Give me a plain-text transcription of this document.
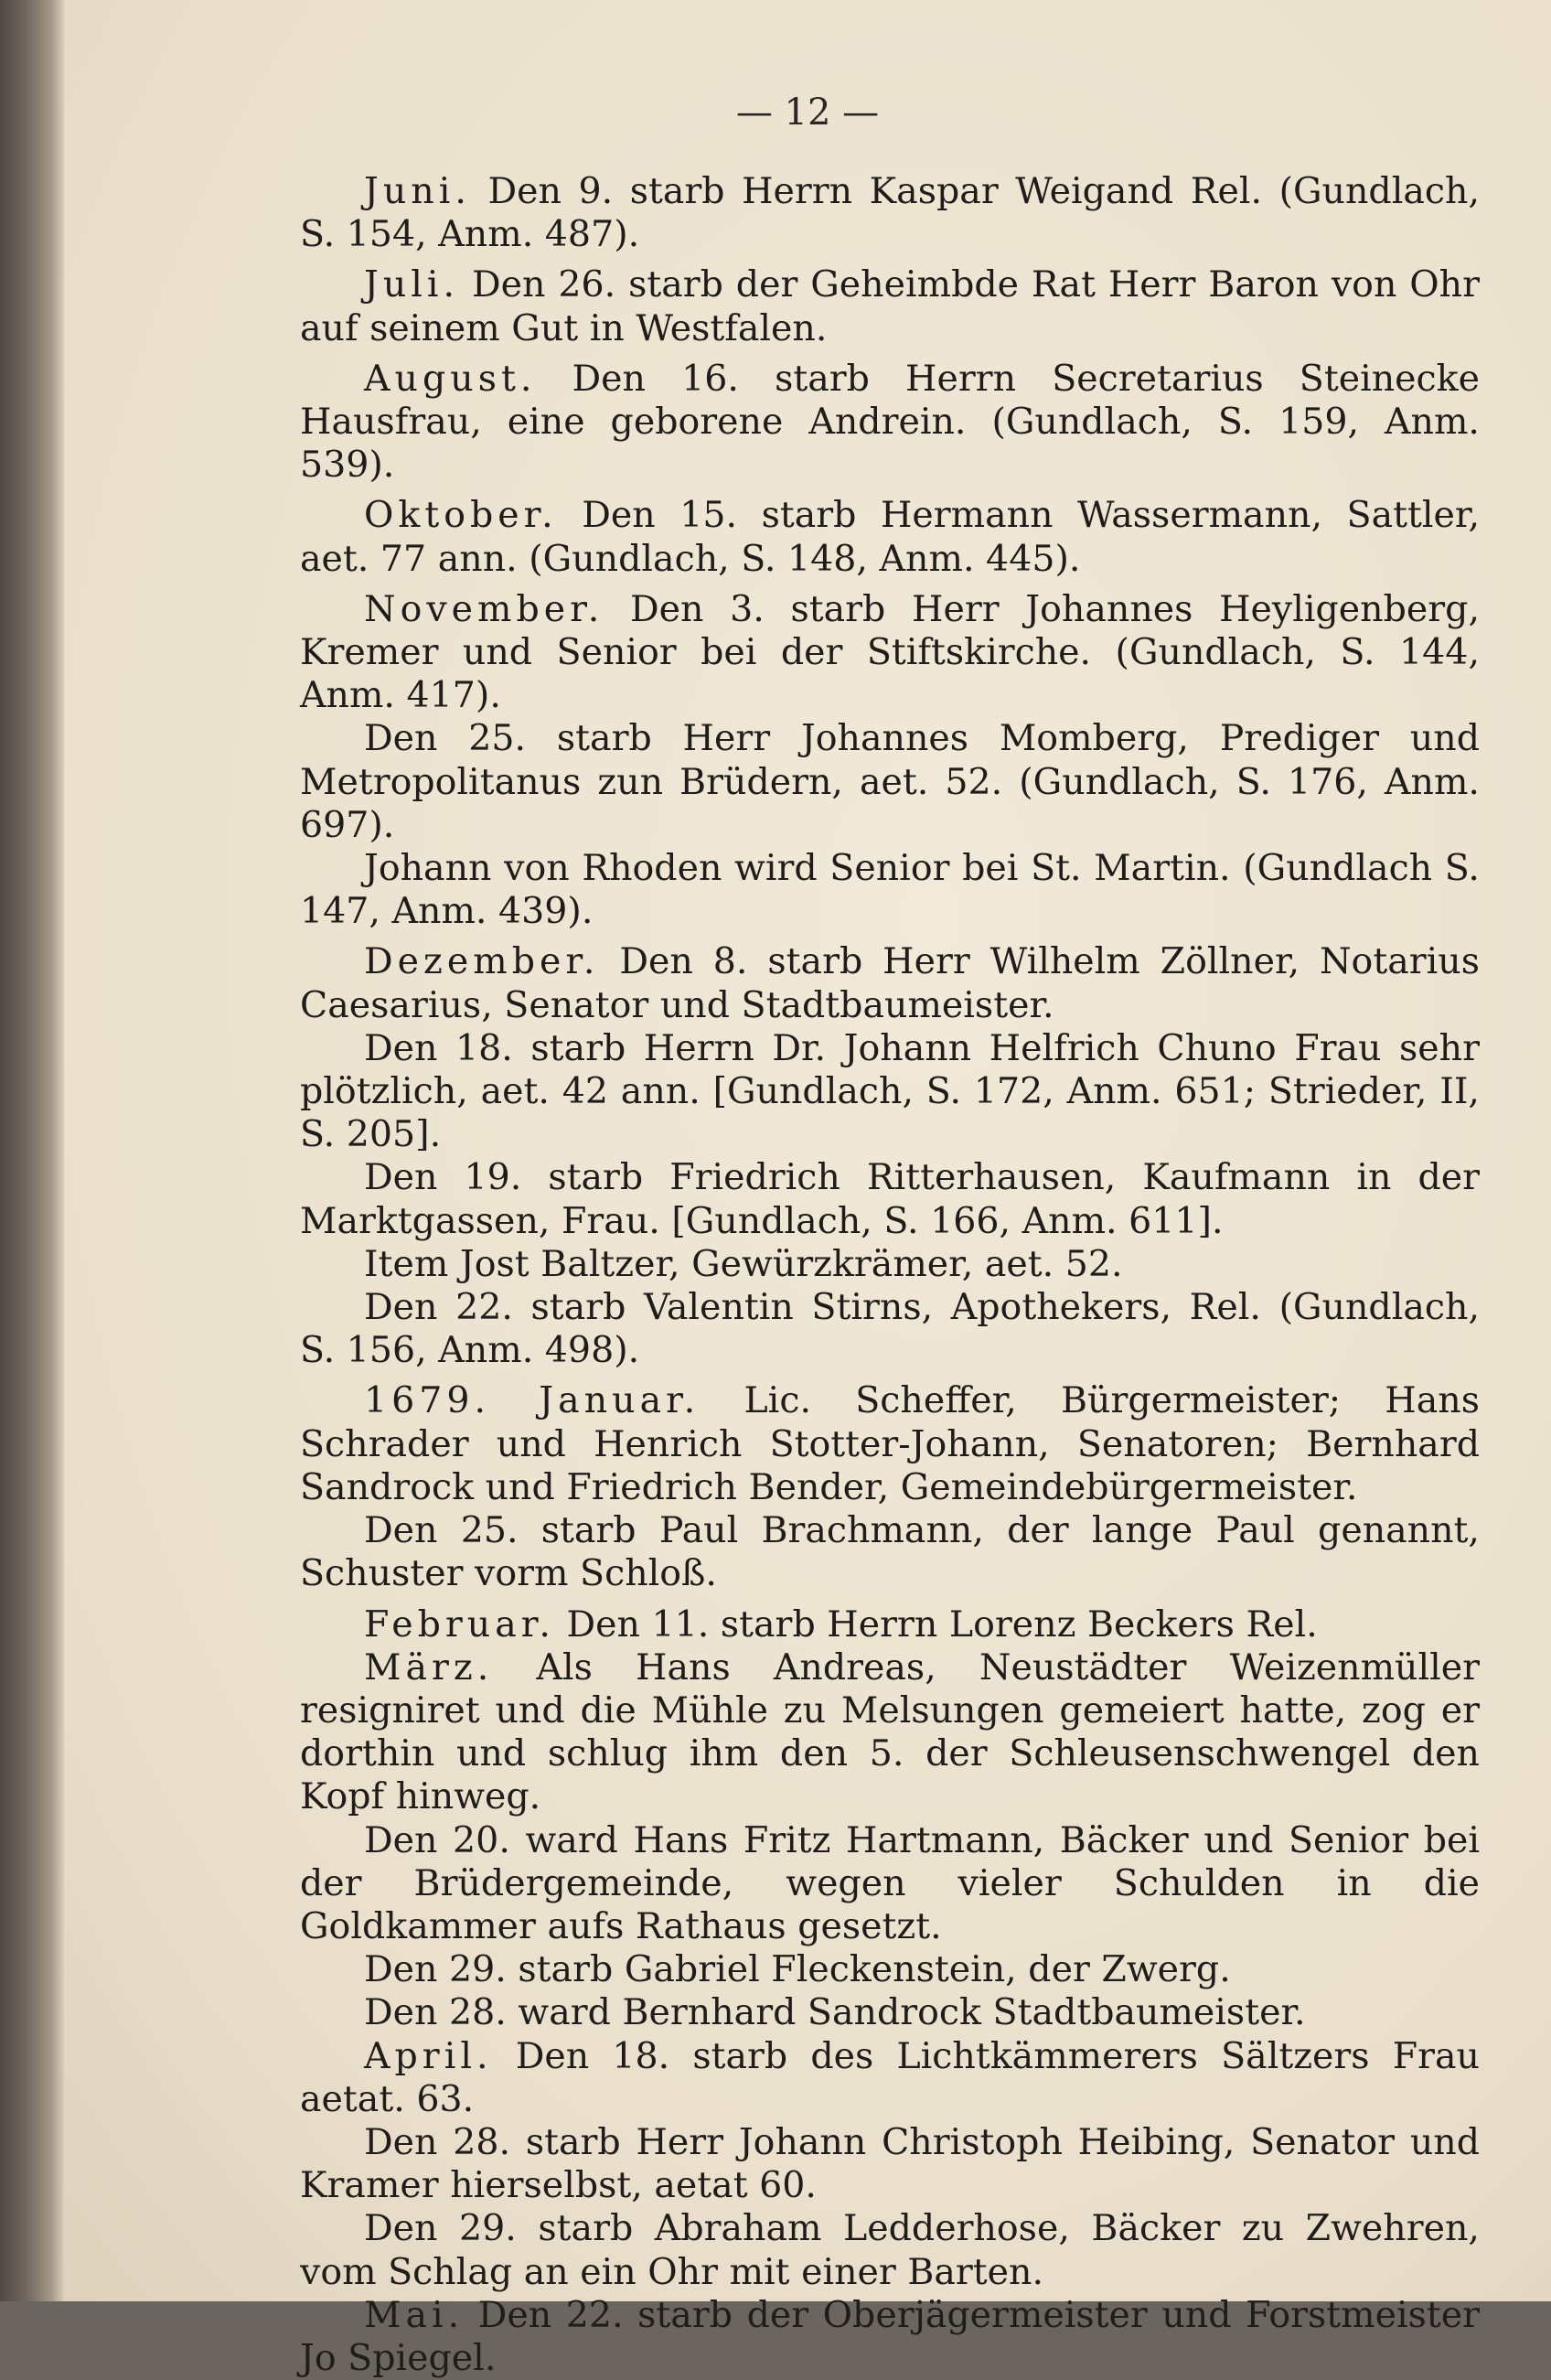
— 12 —

Juni. Den 9. starb Herrn Kaspar Weigand Rel. (Gundlach, S. 154, Anm. 487).

Juli. Den 26. starb der Geheimbde Rat Herr Baron von Ohr auf seinem Gut in Westfalen.

August. Den 16. starb Herrn Secretarius Steinecke Hausfrau, eine geborene Andrein. (Gundlach, S. 159, Anm. 539).

Oktober. Den 15. starb Hermann Wassermann, Sattler, aet. 77 ann. (Gundlach, S. 148, Anm. 445).

November. Den 3. starb Herr Johannes Heyligenberg, Kremer und Senior bei der Stiftskirche. (Gundlach, S. 144, Anm. 417).

Den 25. starb Herr Johannes Momberg, Prediger und Metropolitanus zun Brüdern, aet. 52. (Gundlach, S. 176, Anm. 697).

Johann von Rhoden wird Senior bei St. Martin. (Gundlach S. 147, Anm. 439).

Dezember. Den 8. starb Herr Wilhelm Zöllner, Notarius Caesarius, Senator und Stadtbaumeister.

Den 18. starb Herrn Dr. Johann Helfrich Chuno Frau sehr plötzlich, aet. 42 ann. [Gundlach, S. 172, Anm. 651; Strieder, II, S. 205].

Den 19. starb Friedrich Ritterhausen, Kaufmann in der Marktgassen, Frau. [Gundlach, S. 166, Anm. 611].

Item Jost Baltzer, Gewürzkrämer, aet. 52.

Den 22. starb Valentin Stirns, Apothekers, Rel. (Gundlach, S. 156, Anm. 498).

1679. Januar. Lic. Scheffer, Bürgermeister; Hans Schrader und Henrich Stotter-Johann, Senatoren; Bernhard Sandrock und Friedrich Bender, Gemeindebürgermeister.

Den 25. starb Paul Brachmann, der lange Paul genannt, Schuster vorm Schloß.

Februar. Den 11. starb Herrn Lorenz Beckers Rel.

März. Als Hans Andreas, Neustädter Weizenmüller resigniret und die Mühle zu Melsungen gemeiert hatte, zog er dorthin und schlug ihm den 5. der Schleusenschwengel den Kopf hinweg.

Den 20. ward Hans Fritz Hartmann, Bäcker und Senior bei der Brüdergemeinde, wegen vieler Schulden in die Goldkammer aufs Rathaus gesetzt.

Den 29. starb Gabriel Fleckenstein, der Zwerg.

Den 28. ward Bernhard Sandrock Stadtbaumeister.

April. Den 18. starb des Lichtkämmerers Sältzers Frau aetat. 63.

Den 28. starb Herr Johann Christoph Heibing, Senator und Kramer hierselbst, aetat 60.

Den 29. starb Abraham Ledderhose, Bäcker zu Zwehren, vom Schlag an ein Ohr mit einer Barten.

Mai. Den 22. starb der Oberjägermeister und Forstmeister Jo Spiegel.
